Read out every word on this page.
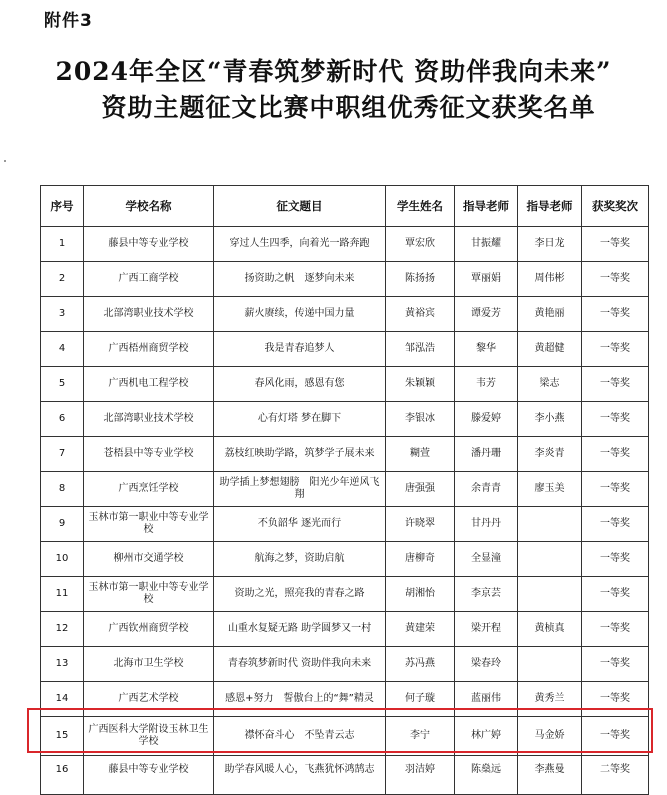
附件3
2024年全区“青春筑梦新时代 资助伴我向未来”
资助主题征文比赛中职组优秀征文获奖名单
序号	学校名称	征文题目	学生姓名	指导老师	指导老师	获奖奖次
1	藤县中等专业学校	穿过人生四季，向着光一路奔跑	覃宏欣	甘振耀	李日龙	一等奖
2	广西工商学校	扬资助之帆　逐梦向未来	陈扬扬	覃丽娟	周伟彬	一等奖
3	北部湾职业技术学校	薪火赓续，传递中国力量	黄裕宾	谭爱芳	黄艳丽	一等奖
4	广西梧州商贸学校	我是青春追梦人	邹泓浩	黎华	黄超健	一等奖
5	广西机电工程学校	春风化雨，感恩有您	朱颖颖	韦芳	梁志	一等奖
6	北部湾职业技术学校	心有灯塔 梦在脚下	李银冰	滕爱婷	李小燕	一等奖
7	苍梧县中等专业学校	荔枝红映助学路，筑梦学子展未来	糊萱	潘丹珊	李炎青	一等奖
8	广西烹饪学校	助学插上梦想翅膀　阳光少年逆风飞翔	唐强强	余青青	廖玉美	一等奖
9	玉林市第一职业中等专业学校	不负韶华 逐光而行	许晓翠	甘丹丹		一等奖
10	柳州市交通学校	航海之梦，资助启航	唐柳奇	全显潼		一等奖
11	玉林市第一职业中等专业学校	资助之光，照亮我的青春之路	胡湘怡	李京芸		一等奖
12	广西钦州商贸学校	山重水复疑无路 助学圆梦又一村	黄建荣	梁开程	黄桢真	一等奖
13	北海市卫生学校	青春筑梦新时代 资助伴我向未来	苏冯燕	梁春玲		一等奖
14	广西艺术学校	感恩+努力　誓傲台上的“舞”精灵	何子璇	蓝丽伟	黄秀兰	一等奖
15	广西医科大学附设玉林卫生学校	襟怀奋斗心　不坠青云志	李宁	林广婷	马金娇	一等奖
16	藤县中等专业学校	助学春风暖人心，飞燕犹怀鸿鹄志	羽洁婷	陈燊远	李燕曼	二等奖
